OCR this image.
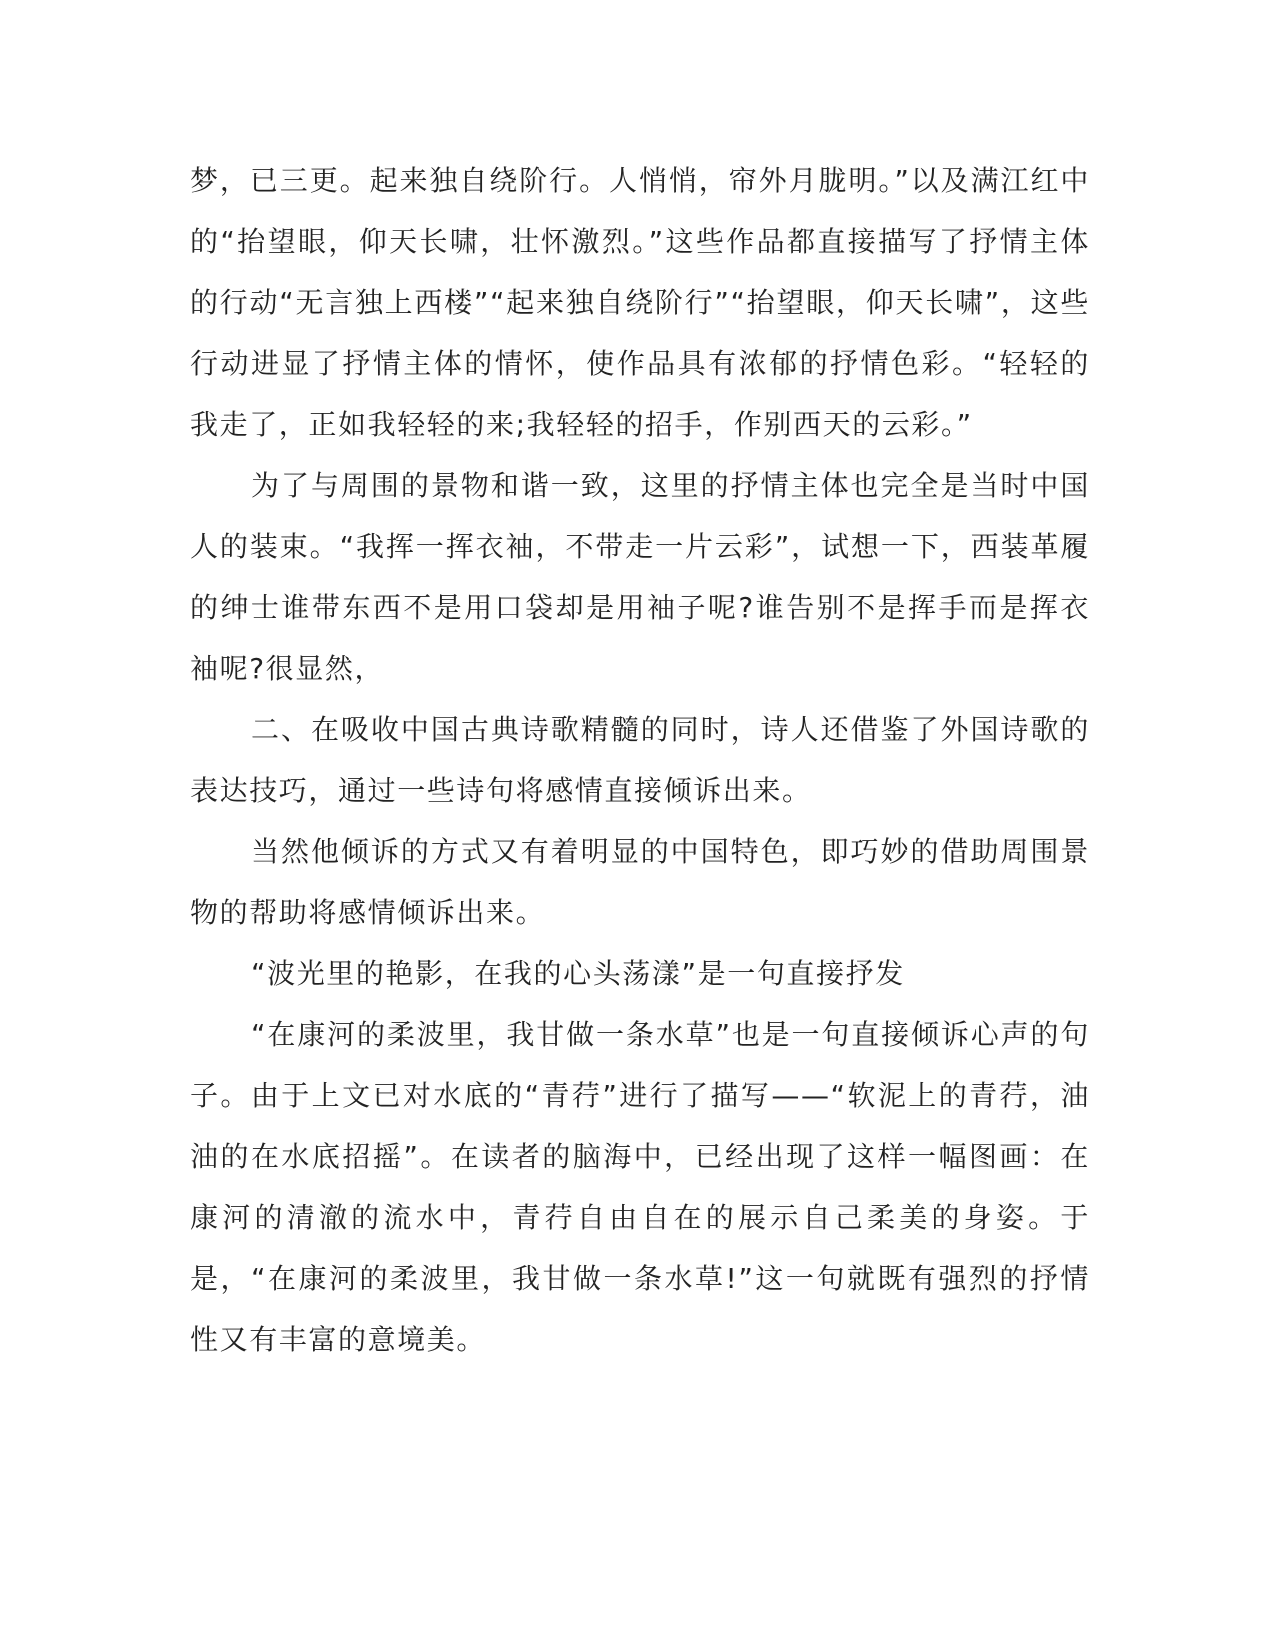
梦，已三更。起来独自绕阶行。人悄悄，帘外月胧明。”以及满江红中的“抬望眼，仰天长啸，壮怀激烈。”这些作品都直接描写了抒情主体的行动“无言独上西楼”“起来独自绕阶行”“抬望眼，仰天长啸”，这些行动进显了抒情主体的情怀，使作品具有浓郁的抒情色彩。“轻轻的我走了，正如我轻轻的来;我轻轻的招手，作别西天的云彩。”

为了与周围的景物和谐一致，这里的抒情主体也完全是当时中国人的装束。“我挥一挥衣袖，不带走一片云彩”，试想一下，西装革履的绅士谁带东西不是用口袋却是用袖子呢?谁告别不是挥手而是挥衣袖呢?很显然，

二、在吸收中国古典诗歌精髓的同时，诗人还借鉴了外国诗歌的表达技巧，通过一些诗句将感情直接倾诉出来。

当然他倾诉的方式又有着明显的中国特色，即巧妙的借助周围景物的帮助将感情倾诉出来。

“波光里的艳影，在我的心头荡漾”是一句直接抒发

“在康河的柔波里，我甘做一条水草”也是一句直接倾诉心声的句子。由于上文已对水底的“青荇”进行了描写——“软泥上的青荇，油油的在水底招摇”。在读者的脑海中，已经出现了这样一幅图画：在康河的清澈的流水中，青荇自由自在的展示自己柔美的身姿。于是，“在康河的柔波里，我甘做一条水草!”这一句就既有强烈的抒情性又有丰富的意境美。
